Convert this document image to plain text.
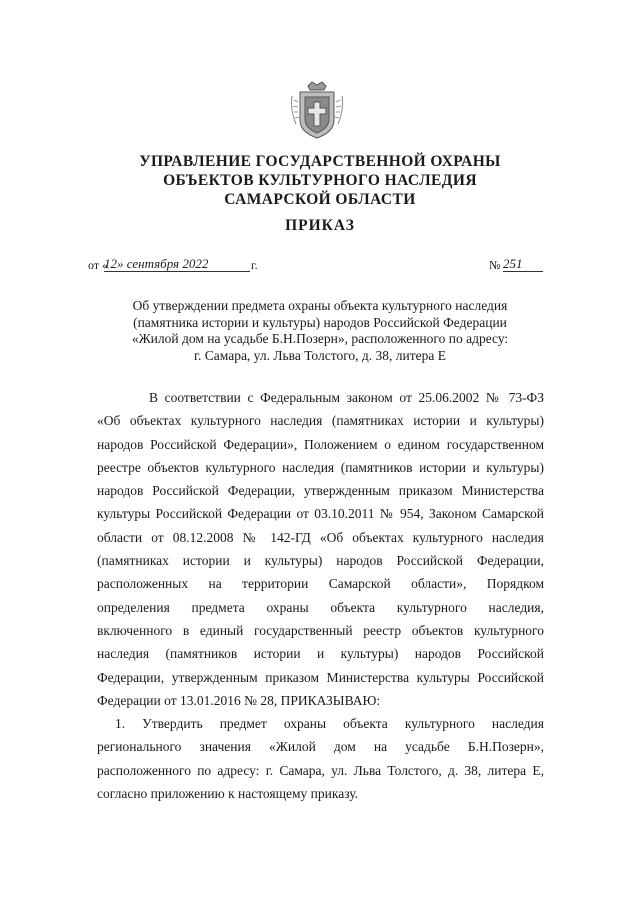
УПРАВЛЕНИЕ ГОСУДАРСТВЕННОЙ ОХРАНЫ
ОБЪЕКТОВ КУЛЬТУРНОГО НАСЛЕДИЯ
САМАРСКОЙ ОБЛАСТИ
ПРИКАЗ
от «
12» сентября 2022	г.	№ 251
Об утверждении предмета охраны объекта культурного наследия
(памятника истории и культуры) народов Российской Федерации
«Жилой дом на усадьбе Б.Н.Позерн», расположенного по адресу:
г. Самара, ул. Льва Толстого, д. 38, литера Е
В соответствии с Федеральным законом от 25.06.2002 № 73-ФЗ
«Об объектах культурного наследия (памятниках истории и культуры)
народов Российской Федерации», Положением о едином государственном
реестре объектов культурного наследия (памятников истории и культуры)
народов Российской Федерации, утвержденным приказом Министерства
культуры Российской Федерации от 03.10.2011 № 954, Законом Самарской
области от 08.12.2008 № 142-ГД «Об объектах культурного наследия
(памятниках истории и культуры) народов Российской Федерации,
расположенных на территории Самарской области», Порядком
определения предмета охраны объекта культурного наследия,
включенного в единый государственный реестр объектов культурного
наследия (памятников истории и культуры) народов Российской
Федерации, утвержденным приказом Министерства культуры Российской
Федерации от 13.01.2016 № 28, ПРИКАЗЫВАЮ:
1. Утвердить предмет охраны объекта культурного наследия
регионального значения «Жилой дом на усадьбе Б.Н.Позерн»,
расположенного по адресу: г. Самара, ул. Льва Толстого, д. 38, литера Е,
согласно приложению к настоящему приказу.
